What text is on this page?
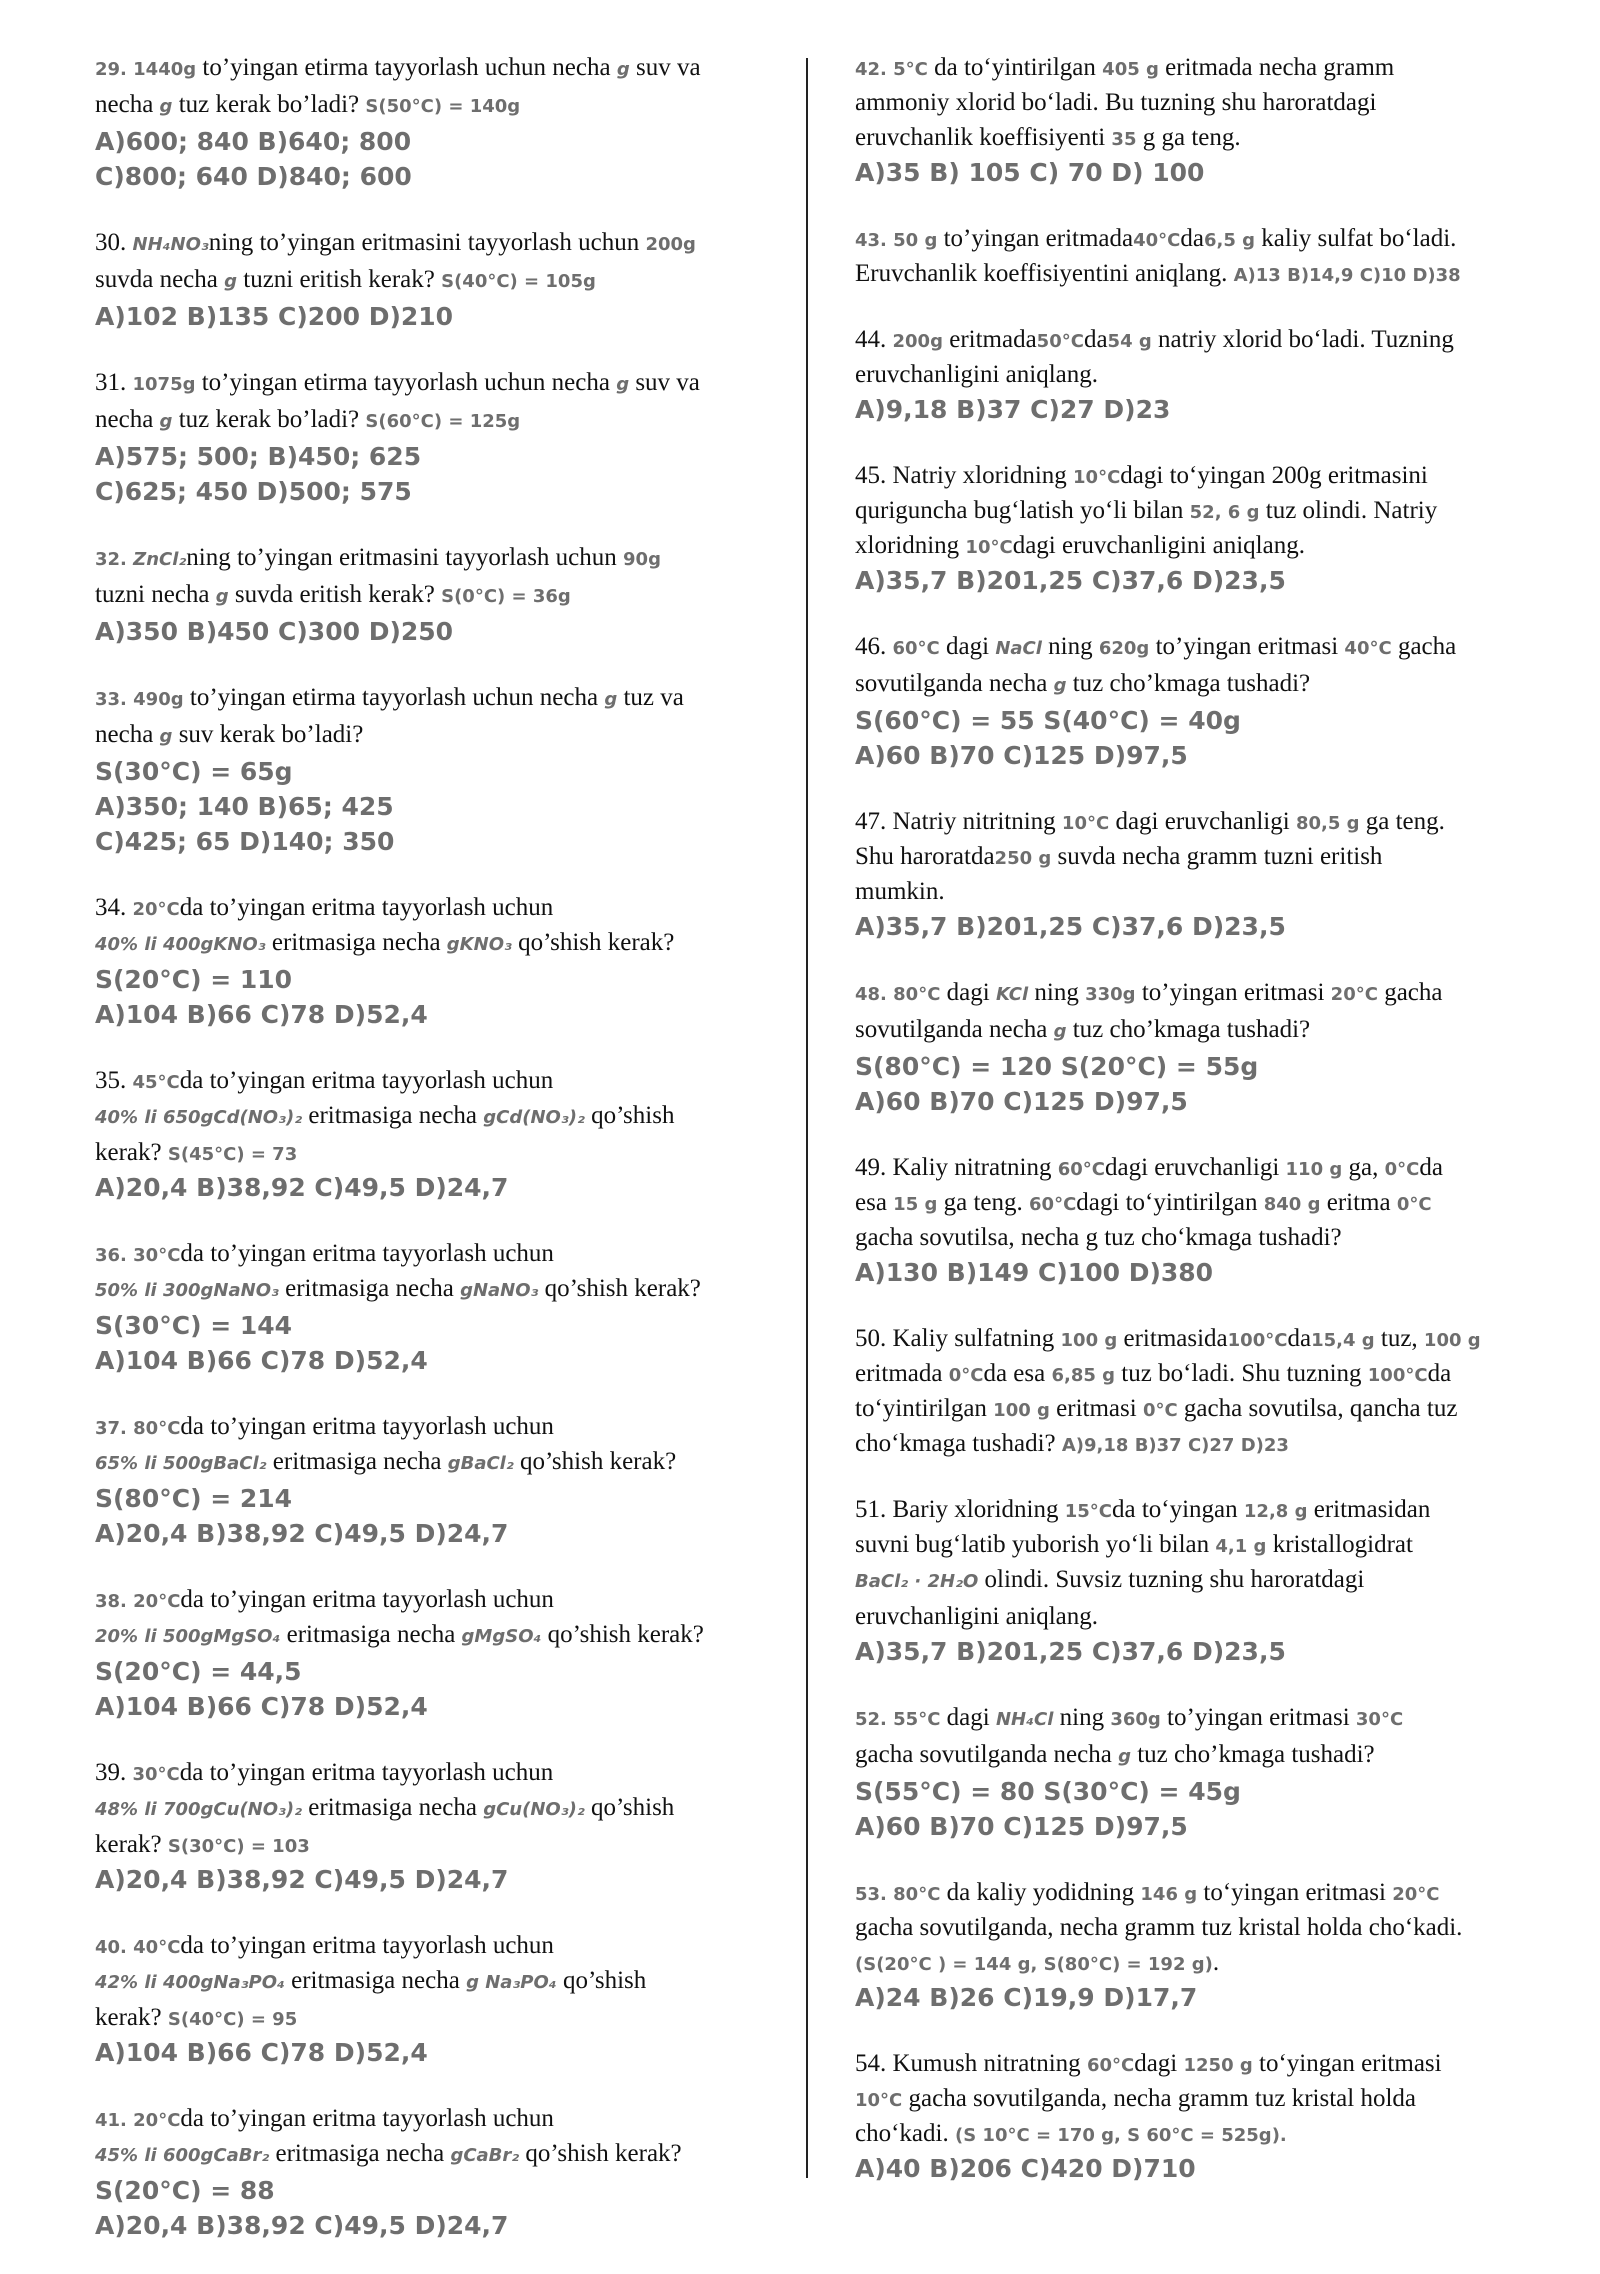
29. 1440g to’yingan etirma tayyorlash uchun necha g suv va

necha g tuz kerak bo’ladi? S(50°C) = 140g

A)600; 840 B)640; 800

C)800; 640 D)840; 600

30. NH₄NO₃ning to’yingan eritmasini tayyorlash uchun 200g

suvda necha g tuzni eritish kerak? S(40°C) = 105g

A)102 B)135 C)200 D)210

31. 1075g to’yingan etirma tayyorlash uchun necha g suv va

necha g tuz kerak bo’ladi? S(60°C) = 125g

A)575; 500; B)450; 625

C)625; 450 D)500; 575

32. ZnCl₂ning to’yingan eritmasini tayyorlash uchun 90g

tuzni necha g suvda eritish kerak? S(0°C) = 36g

A)350 B)450 C)300 D)250

33. 490g to’yingan etirma tayyorlash uchun necha g tuz va

necha g suv kerak bo’ladi?

S(30°C) = 65g

A)350; 140 B)65; 425

C)425; 65 D)140; 350

34. 20°Cda to’yingan eritma tayyorlash uchun

40% li 400gKNO₃ eritmasiga necha gKNO₃ qo’shish kerak?

S(20°C) = 110

A)104 B)66 C)78 D)52,4

35. 45°Cda to’yingan eritma tayyorlash uchun

40% li 650gCd(NO₃)₂ eritmasiga necha gCd(NO₃)₂ qo’shish

kerak? S(45°C) = 73

A)20,4 B)38,92 C)49,5 D)24,7

36. 30°Cda to’yingan eritma tayyorlash uchun

50% li 300gNaNO₃ eritmasiga necha gNaNO₃ qo’shish kerak?

S(30°C) = 144

A)104 B)66 C)78 D)52,4

37. 80°Cda to’yingan eritma tayyorlash uchun

65% li 500gBaCl₂ eritmasiga necha gBaCl₂ qo’shish kerak?

S(80°C) = 214

A)20,4 B)38,92 C)49,5 D)24,7

38. 20°Cda to’yingan eritma tayyorlash uchun

20% li 500gMgSO₄ eritmasiga necha gMgSO₄ qo’shish kerak?

S(20°C) = 44,5

A)104 B)66 C)78 D)52,4

39. 30°Cda to’yingan eritma tayyorlash uchun

48% li 700gCu(NO₃)₂ eritmasiga necha gCu(NO₃)₂ qo’shish

kerak? S(30°C) = 103

A)20,4 B)38,92 C)49,5 D)24,7

40. 40°Cda to’yingan eritma tayyorlash uchun

42% li 400gNa₃PO₄ eritmasiga necha g Na₃PO₄ qo’shish

kerak? S(40°C) = 95

A)104 B)66 C)78 D)52,4

41. 20°Cda to’yingan eritma tayyorlash uchun

45% li 600gCaBr₂ eritmasiga necha gCaBr₂ qo’shish kerak?

S(20°C) = 88

A)20,4 B)38,92 C)49,5 D)24,7

42. 5°C da to‘yintirilgan 405 g eritmada necha gramm

ammoniy xlorid bo‘ladi. Bu tuzning shu haroratdagi

eruvchanlik koeffisiyenti 35 g ga teng.

A)35 B) 105 C) 70 D) 100

43. 50 g to’yingan eritmada40°Cda6,5 g kaliy sulfat bo‘ladi.

Eruvchanlik koeffisiyentini aniqlang. A)13 B)14,9 C)10 D)38

44. 200g eritmada50°Cda54 g natriy xlorid bo‘ladi. Tuzning

eruvchanligini aniqlang.

A)9,18 B)37 C)27 D)23

45. Natriy xloridning 10°Cdagi to‘yingan 200g eritmasini

quriguncha bug‘latish yo‘li bilan 52, 6 g tuz olindi. Natriy

xloridning 10°Cdagi eruvchanligini aniqlang.

A)35,7 B)201,25 C)37,6 D)23,5

46. 60°C dagi NaCl ning 620g to’yingan eritmasi 40°C gacha

sovutilganda necha g tuz cho’kmaga tushadi?

S(60°C) = 55 S(40°C) = 40g

A)60 B)70 C)125 D)97,5

47. Natriy nitritning 10°C dagi eruvchanligi 80,5 g ga teng.

Shu haroratda250 g suvda necha gramm tuzni eritish

mumkin.

A)35,7 B)201,25 C)37,6 D)23,5

48. 80°C dagi KCl ning 330g to’yingan eritmasi 20°C gacha

sovutilganda necha g tuz cho’kmaga tushadi?

S(80°C) = 120 S(20°C) = 55g

A)60 B)70 C)125 D)97,5

49. Kaliy nitratning 60°Cdagi eruvchanligi 110 g ga, 0°Cda

esa 15 g ga teng. 60°Cdagi to‘yintirilgan 840 g eritma 0°C

gacha sovutilsa, necha g tuz cho‘kmaga tushadi?

A)130 B)149 C)100 D)380

50. Kaliy sulfatning 100 g eritmasida100°Cda15,4 g tuz, 100 g

eritmada 0°Cda esa 6,85 g tuz bo‘ladi. Shu tuzning 100°Cda

to‘yintirilgan 100 g eritmasi 0°C gacha sovutilsa, qancha tuz

cho‘kmaga tushadi? A)9,18 B)37 C)27 D)23

51. Bariy xloridning 15°Cda to‘yingan 12,8 g eritmasidan

suvni bug‘latib yuborish yo‘li bilan 4,1 g kristallogidrat

BaCl₂ · 2H₂O olindi. Suvsiz tuzning shu haroratdagi

eruvchanligini aniqlang.

A)35,7 B)201,25 C)37,6 D)23,5

52. 55°C dagi NH₄Cl ning 360g to’yingan eritmasi 30°C

gacha sovutilganda necha g tuz cho’kmaga tushadi?

S(55°C) = 80 S(30°C) = 45g

A)60 B)70 C)125 D)97,5

53. 80°C da kaliy yodidning 146 g to‘yingan eritmasi 20°C

gacha sovutilganda, necha gramm tuz kristal holda cho‘kadi.

(S(20°C ) = 144 g, S(80°C) = 192 g).

A)24 B)26 C)19,9 D)17,7

54. Kumush nitratning 60°Cdagi 1250 g to‘yingan eritmasi

10°C gacha sovutilganda, necha gramm tuz kristal holda

cho‘kadi. (S 10°C = 170 g, S 60°C = 525g).

A)40 B)206 C)420 D)710
